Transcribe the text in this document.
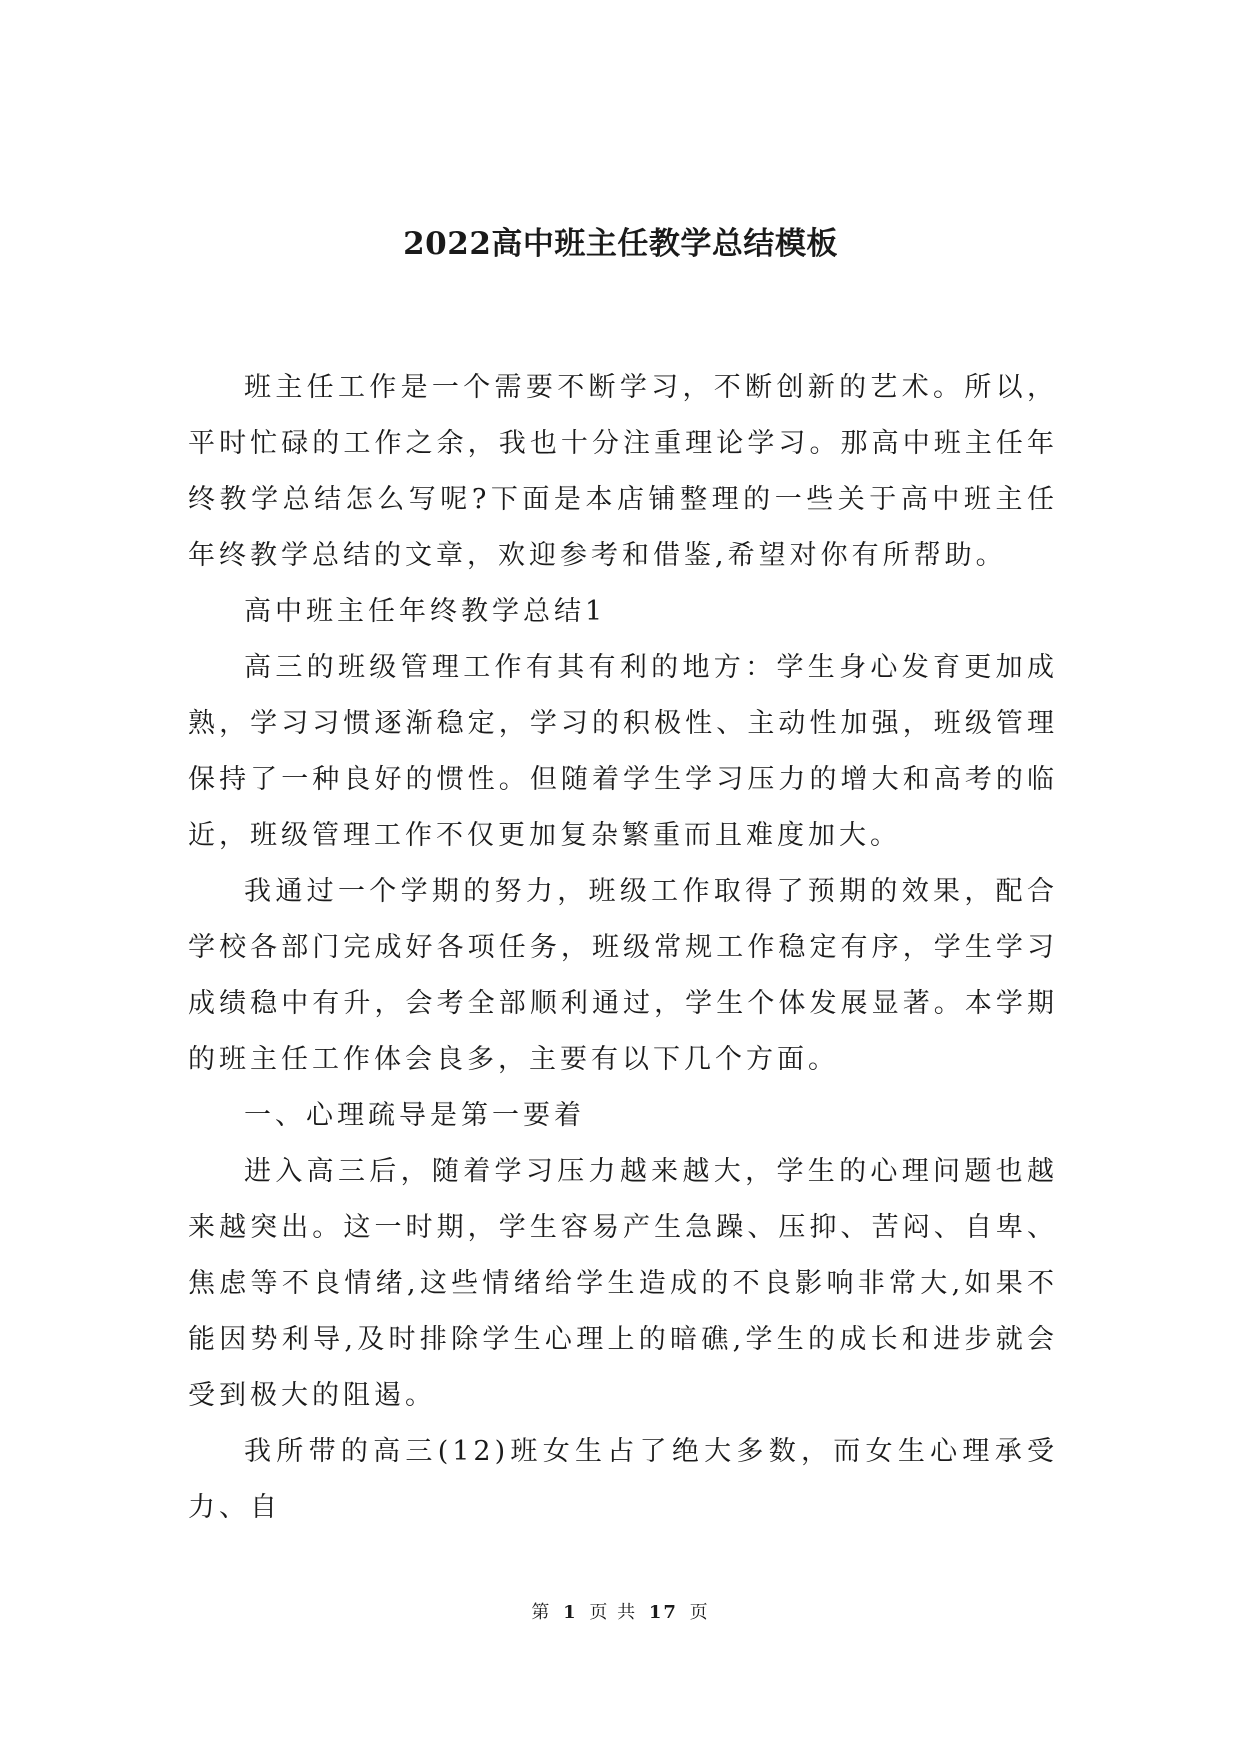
2022高中班主任教学总结模板

班主任工作是一个需要不断学习，不断创新的艺术。所以，平时忙碌的工作之余，我也十分注重理论学习。那高中班主任年终教学总结怎么写呢?下面是本店铺整理的一些关于高中班主任年终教学总结的文章，欢迎参考和借鉴,希望对你有所帮助。

高中班主任年终教学总结1

高三的班级管理工作有其有利的地方：学生身心发育更加成熟，学习习惯逐渐稳定，学习的积极性、主动性加强，班级管理保持了一种良好的惯性。但随着学生学习压力的增大和高考的临近，班级管理工作不仅更加复杂繁重而且难度加大。

我通过一个学期的努力，班级工作取得了预期的效果，配合学校各部门完成好各项任务，班级常规工作稳定有序，学生学习成绩稳中有升，会考全部顺利通过，学生个体发展显著。本学期的班主任工作体会良多，主要有以下几个方面。

一、心理疏导是第一要着

进入高三后，随着学习压力越来越大，学生的心理问题也越来越突出。这一时期，学生容易产生急躁、压抑、苦闷、自卑、焦虑等不良情绪,这些情绪给学生造成的不良影响非常大,如果不能因势利导,及时排除学生心理上的暗礁,学生的成长和进步就会受到极大的阻遏。

我所带的高三(12)班女生占了绝大多数，而女生心理承受力、自

第 1 页 共 17 页
